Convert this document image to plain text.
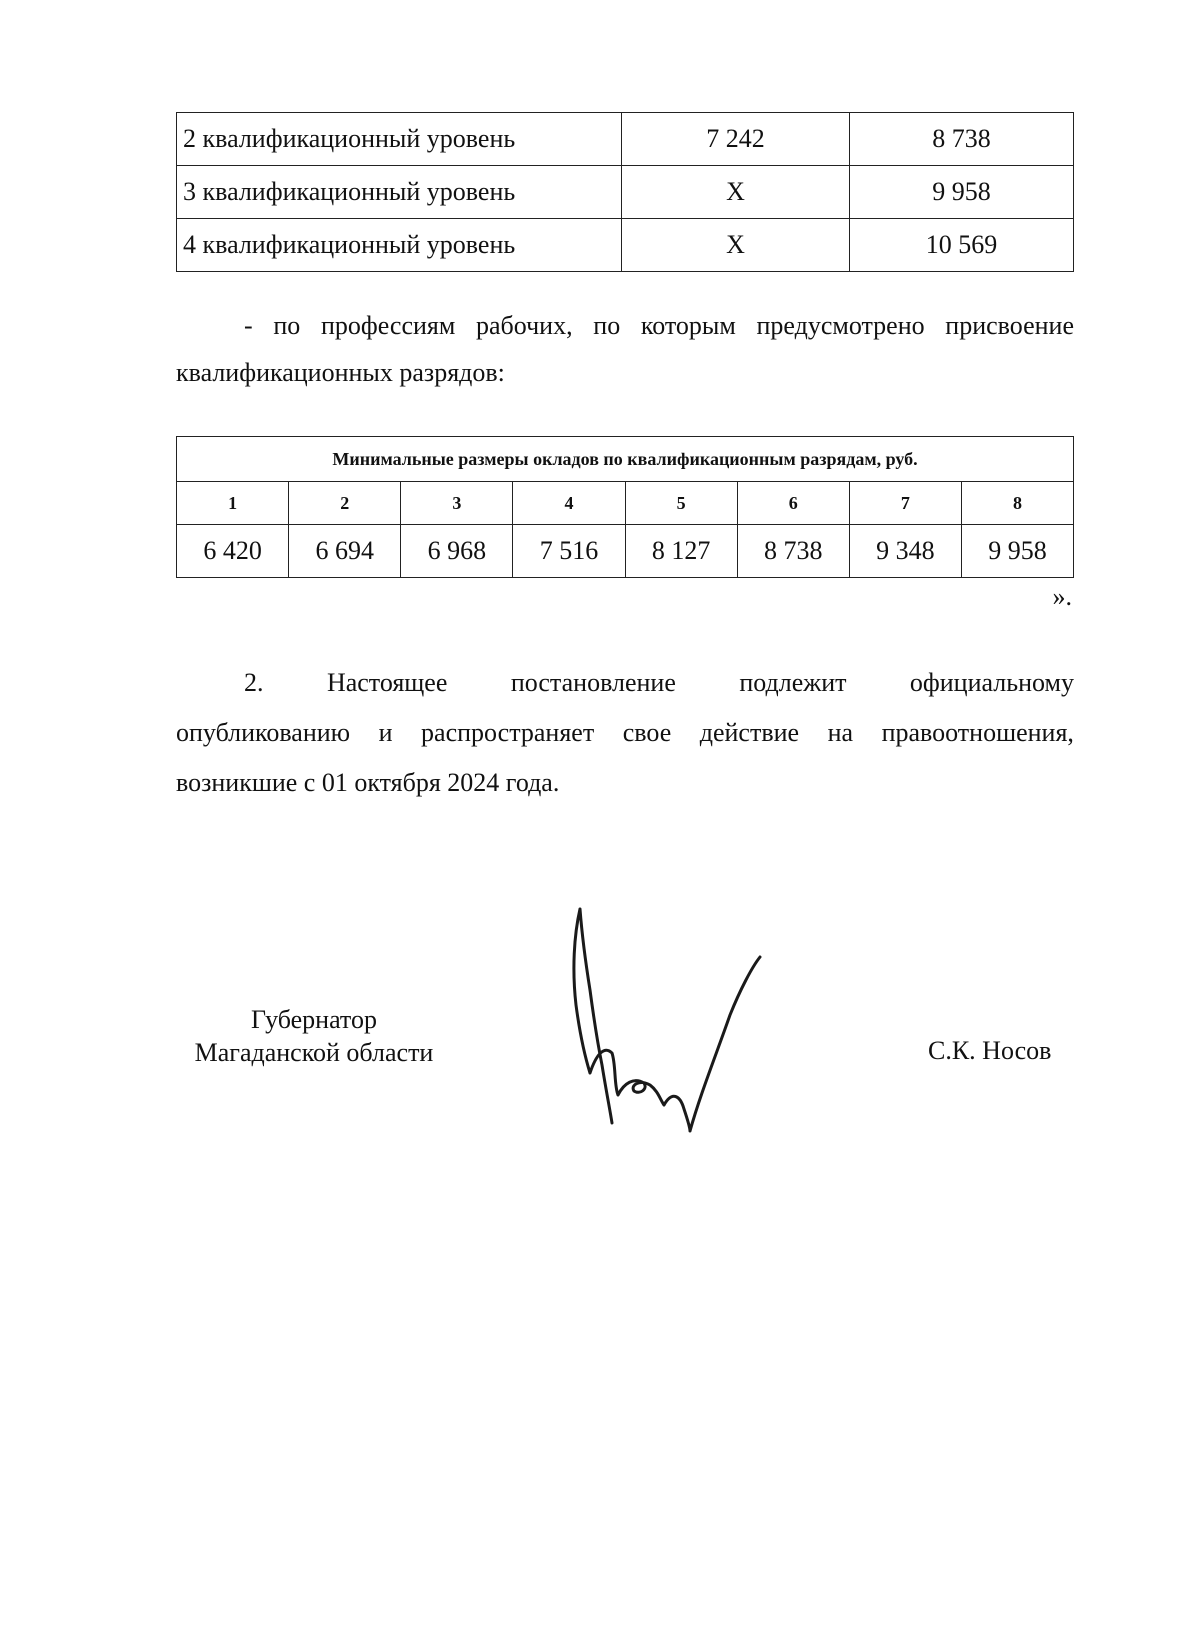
2 квалификационный уровень	7 242	8 738
3 квалификационный уровень	Х	9 958
4 квалификационный уровень	Х	10 569
- по профессиям рабочих, по которым предусмотрено присвоение квалификационных разрядов:
Минимальные размеры окладов по квалификационным разрядам, руб.							
1	2	3	4	5	6	7	8
6 420	6 694	6 968	7 516	8 127	8 738	9 348	9 958
».
2. Настоящее постановление подлежит официальному
опубликованию и распространяет свое действие на правоотношения,
возникшие с 01 октября 2024 года.
Губернатор
Магаданской области	С.К. Носов
